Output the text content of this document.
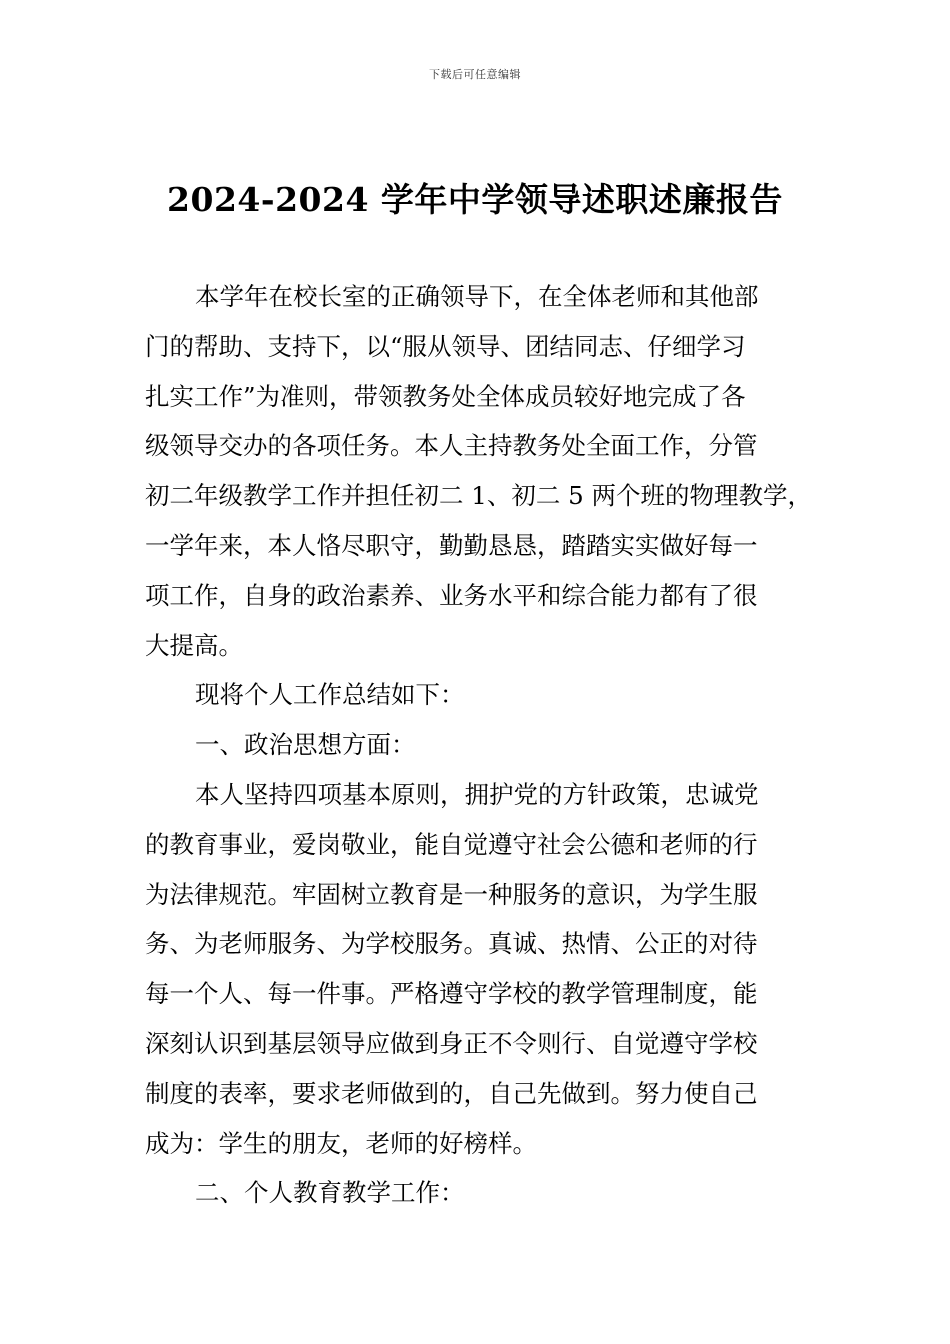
下载后可任意编辑
2024-2024 学年中学领导述职述廉报告
本学年在校长室的正确领导下，在全体老师和其他部
门的帮助、支持下，以“服从领导、团结同志、仔细学习
扎实工作”为准则，带领教务处全体成员较好地完成了各
级领导交办的各项任务。本人主持教务处全面工作，分管
初二年级教学工作并担任初二 1、初二 5 两个班的物理教学，
一学年来，本人恪尽职守，勤勤恳恳，踏踏实实做好每一
项工作，自身的政治素养、业务水平和综合能力都有了很
大提高。
现将个人工作总结如下：
一、政治思想方面：
本人坚持四项基本原则，拥护党的方针政策，忠诚党
的教育事业，爱岗敬业，能自觉遵守社会公德和老师的行
为法律规范。牢固树立教育是一种服务的意识，为学生服
务、为老师服务、为学校服务。真诚、热情、公正的对待
每一个人、每一件事。严格遵守学校的教学管理制度，能
深刻认识到基层领导应做到身正不令则行、自觉遵守学校
制度的表率，要求老师做到的，自己先做到。努力使自己
成为：学生的朋友，老师的好榜样。
二、个人教育教学工作：
